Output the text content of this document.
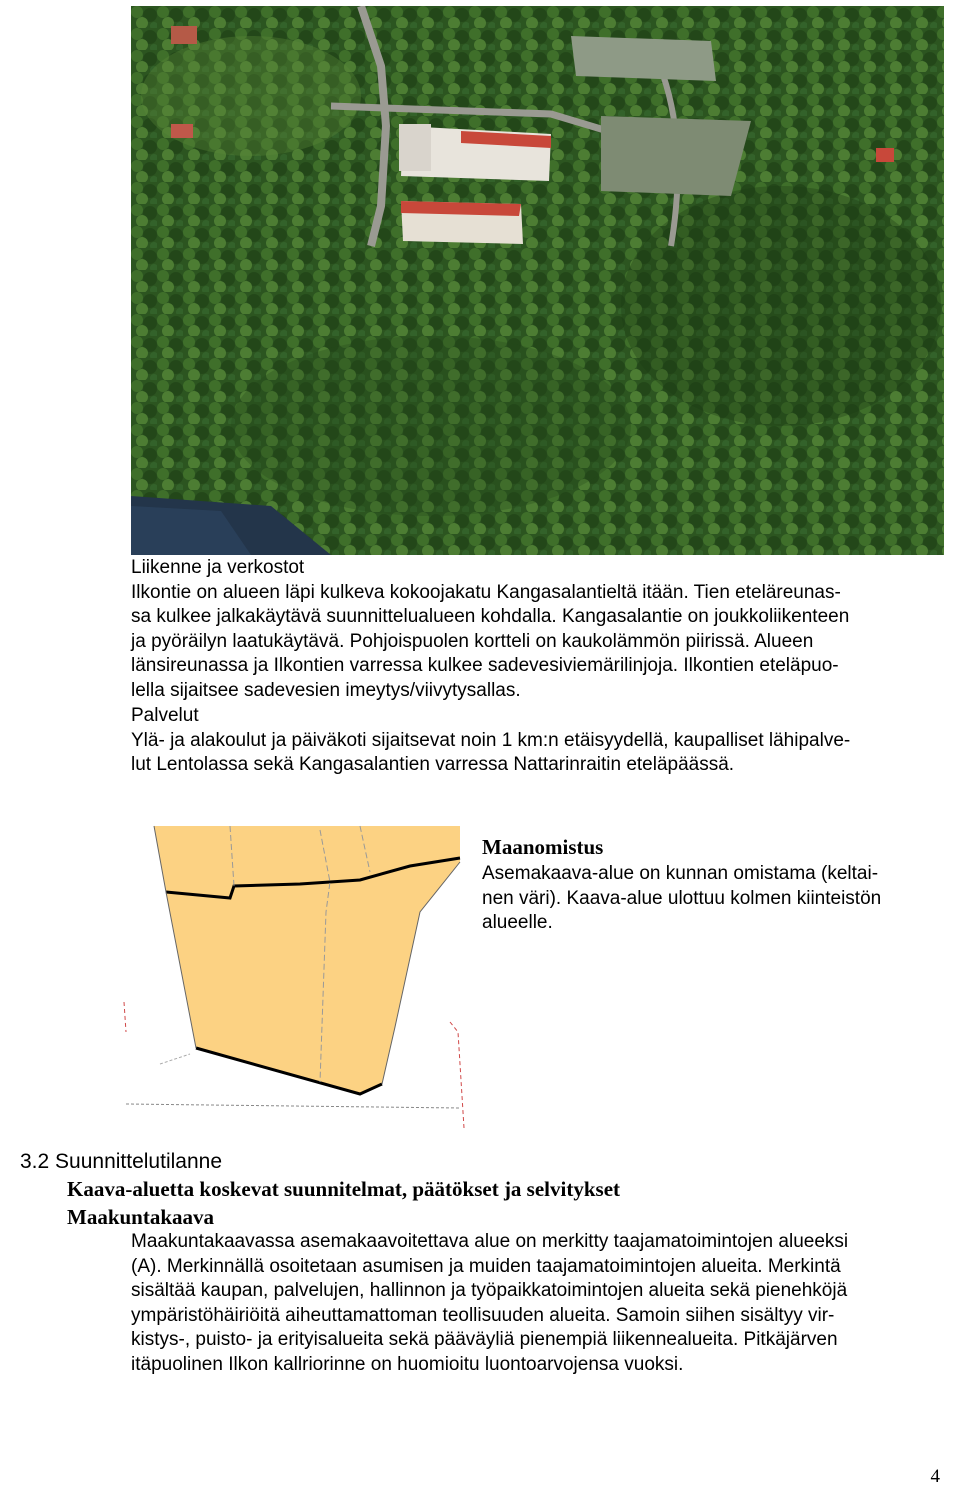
Liikenne ja verkostot

Ilkontie on alueen läpi kulkeva kokoojakatu Kangasalantieltä itään. Tien eteläreunas-

sa kulkee jalkakäytävä suunnittelualueen kohdalla. Kangasalantie on joukkoliikenteen

ja pyöräilyn laatukäytävä. Pohjoispuolen kortteli on kaukolämmön piirissä. Alueen

länsireunassa ja Ilkontien varressa kulkee sadevesiviemärilinjoja. Ilkontien eteläpuo-

lella sijaitsee sadevesien imeytys/viivytysallas.

Palvelut

Ylä- ja alakoulut ja päiväkoti sijaitsevat noin 1 km:n etäisyydellä, kaupalliset lähipalve-

lut Lentolassa sekä Kangasalantien varressa Nattarinraitin eteläpäässä.

Maanomistus

Asemakaava-alue on kunnan omistama (keltai-

nen väri). Kaava-alue ulottuu kolmen kiinteistön

alueelle.

3.2 Suunnittelutilanne

Kaava-aluetta koskevat suunnitelmat, päätökset ja selvitykset

Maakuntakaava

Maakuntakaavassa asemakaavoitettava alue on merkitty taajamatoimintojen alueeksi

(A). Merkinnällä osoitetaan asumisen ja muiden taajamatoimintojen alueita. Merkintä

sisältää kaupan, palvelujen, hallinnon ja työpaikkatoimintojen alueita sekä pienehköjä

ympäristöhäiriöitä aiheuttamattoman teollisuuden alueita. Samoin siihen sisältyy vir-

kistys-, puisto- ja erityisalueita sekä pääväyliä pienempiä liikennealueita. Pitkäjärven

itäpuolinen Ilkon kallriorinne on huomioitu luontoarvojensa vuoksi.

4
